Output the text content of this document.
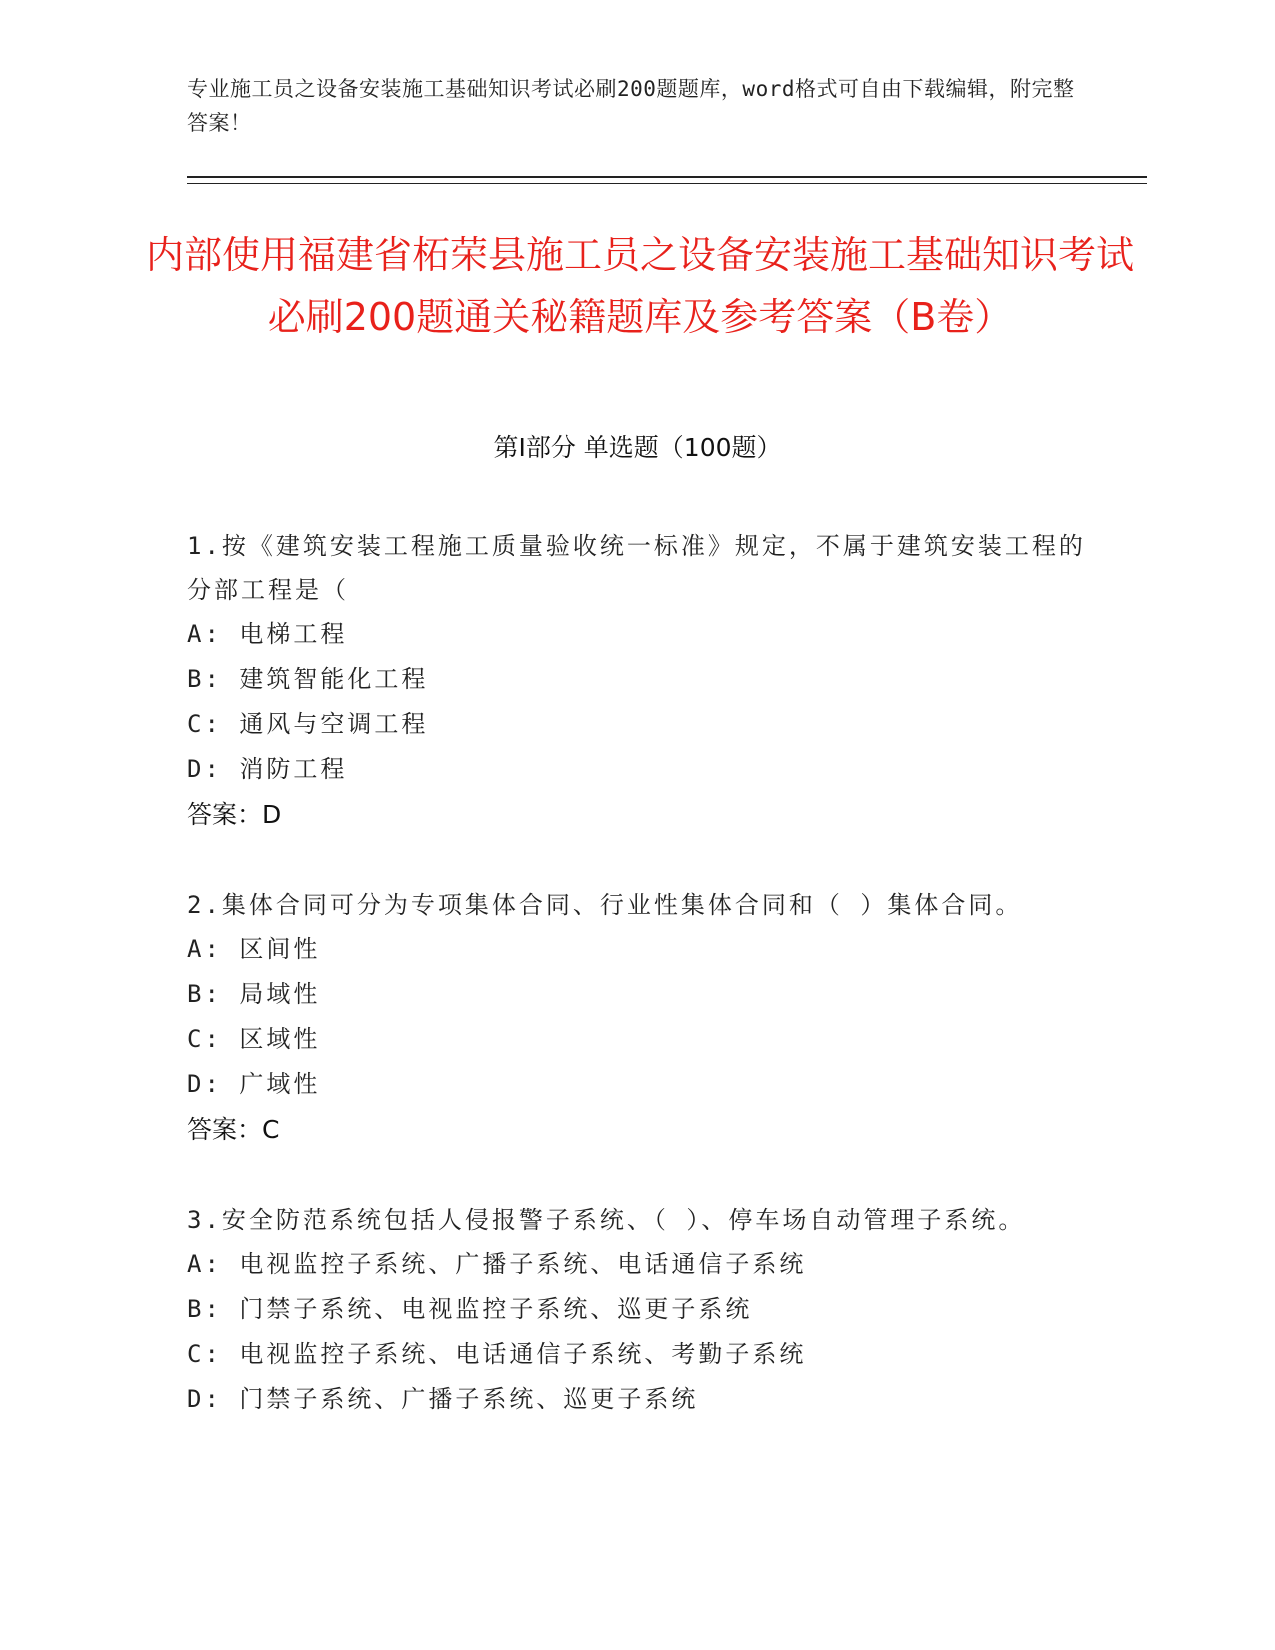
专业施工员之设备安装施工基础知识考试必刷200题题库，word格式可自由下载编辑，附完整答案！
内部使用福建省柘荣县施工员之设备安装施工基础知识考试必刷200题通关秘籍题库及参考答案（B卷）
第Ⅰ部分 单选题（100题）
1.按《建筑安装工程施工质量验收统一标准》规定，不属于建筑安装工程的分部工程是（
A: 电梯工程
B: 建筑智能化工程
C: 通风与空调工程
D: 消防工程
答案：D
2.集体合同可分为专项集体合同、行业性集体合同和（ ）集体合同。
A: 区间性
B: 局域性
C: 区域性
D: 广域性
答案：C
3.安全防范系统包括人侵报警子系统、（ ）、停车场自动管理子系统。
A: 电视监控子系统、广播子系统、电话通信子系统
B: 门禁子系统、电视监控子系统、巡更子系统
C: 电视监控子系统、电话通信子系统、考勤子系统
D: 门禁子系统、广播子系统、巡更子系统
